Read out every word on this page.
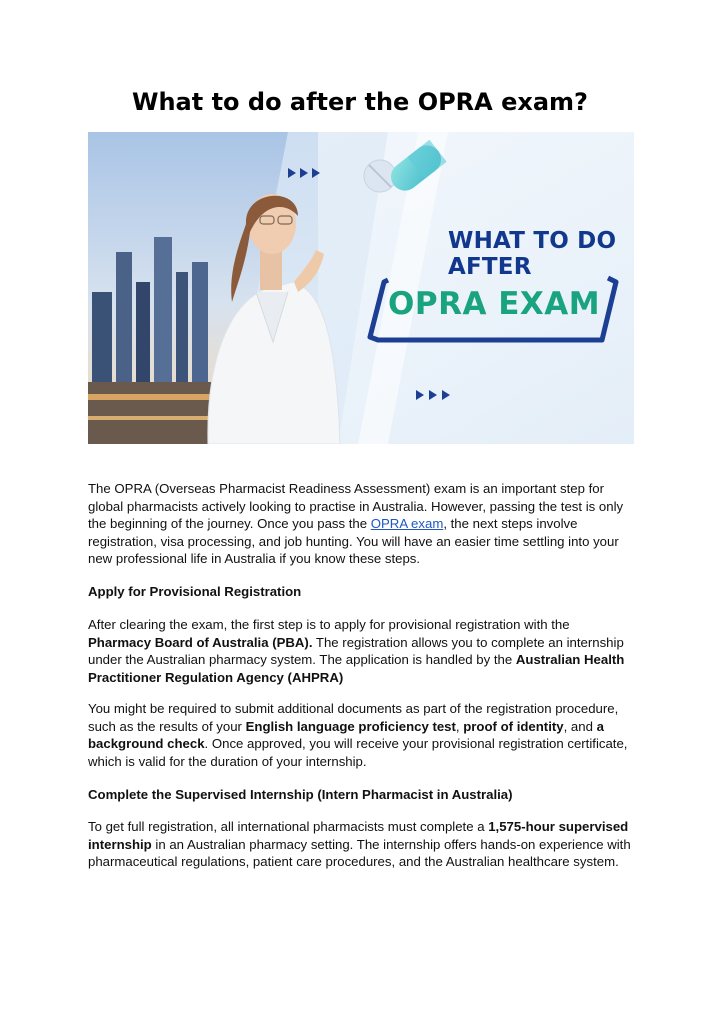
What to do after the OPRA exam?
WHAT TO DO AFTER
OPRA EXAM
The OPRA (Overseas Pharmacist Readiness Assessment) exam is an important step for global pharmacists actively looking to practise in Australia. However, passing the test is only the beginning of the journey. Once you pass the OPRA exam, the next steps involve registration, visa processing, and job hunting. You will have an easier time settling into your new professional life in Australia if you know these steps.
Apply for Provisional Registration
After clearing the exam, the first step is to apply for provisional registration with the Pharmacy Board of Australia (PBA). The registration allows you to complete an internship under the Australian pharmacy system. The application is handled by the Australian Health Practitioner Regulation Agency (AHPRA)
You might be required to submit additional documents as part of the registration procedure, such as the results of your English language proficiency test, proof of identity, and a background check. Once approved, you will receive your provisional registration certificate, which is valid for the duration of your internship.
Complete the Supervised Internship (Intern Pharmacist in Australia)
To get full registration, all international pharmacists must complete a 1,575-hour supervised internship in an Australian pharmacy setting. The internship offers hands-on experience with pharmaceutical regulations, patient care procedures, and the Australian healthcare system.
